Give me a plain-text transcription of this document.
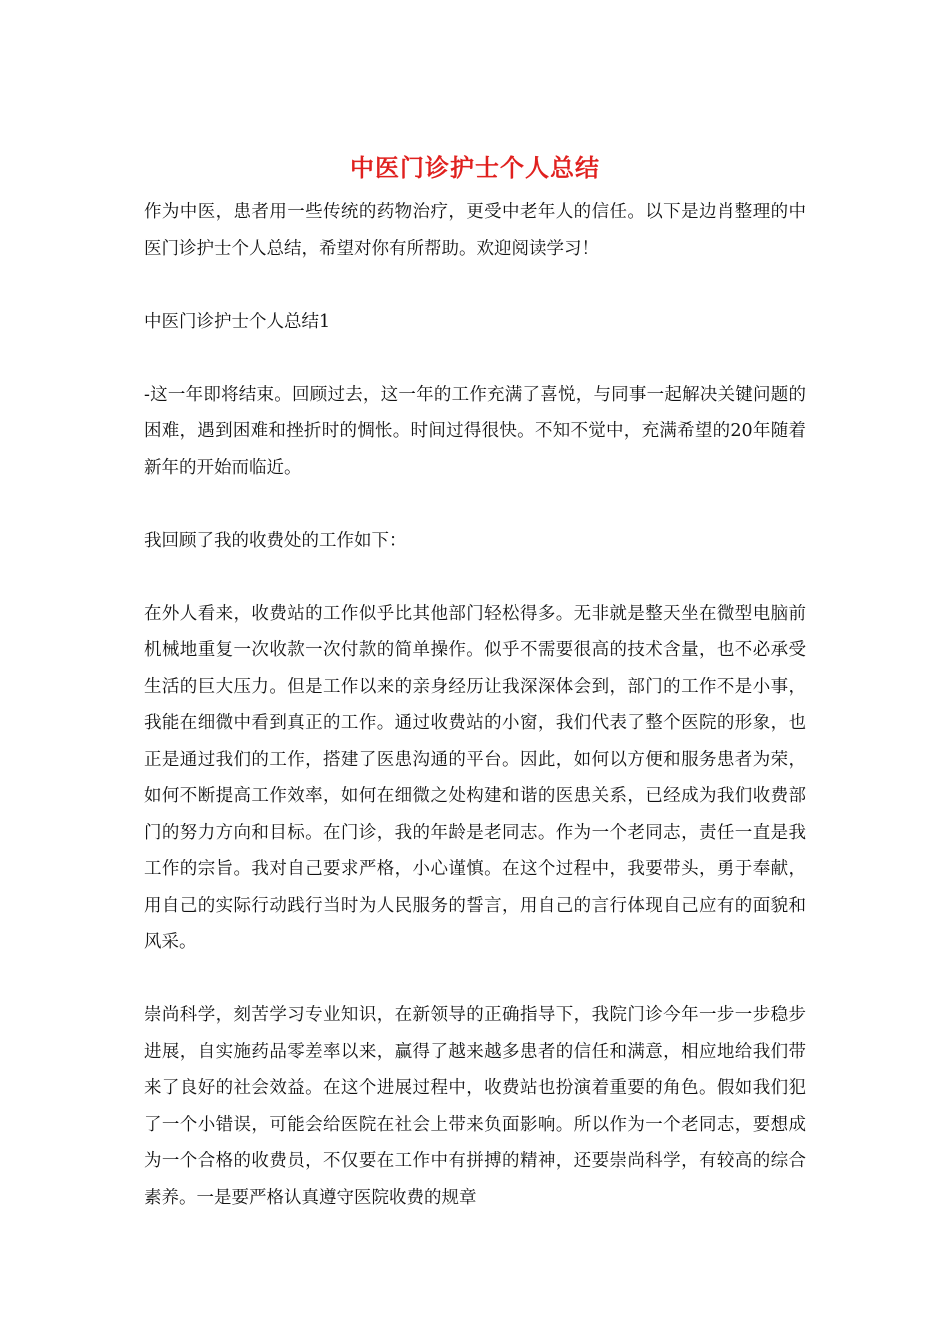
中医门诊护士个人总结

作为中医，患者用一些传统的药物治疗，更受中老年人的信任。以下是边肖整理的中医门诊护士个人总结，希望对你有所帮助。欢迎阅读学习！

中医门诊护士个人总结1

-这一年即将结束。回顾过去，这一年的工作充满了喜悦，与同事一起解决关键问题的困难，遇到困难和挫折时的惆怅。时间过得很快。不知不觉中，充满希望的20年随着新年的开始而临近。

我回顾了我的收费处的工作如下：

在外人看来，收费站的工作似乎比其他部门轻松得多。无非就是整天坐在微型电脑前机械地重复一次收款一次付款的简单操作。似乎不需要很高的技术含量，也不必承受生活的巨大压力。但是工作以来的亲身经历让我深深体会到，部门的工作不是小事，我能在细微中看到真正的工作。通过收费站的小窗，我们代表了整个医院的形象，也正是通过我们的工作，搭建了医患沟通的平台。因此，如何以方便和服务患者为荣，如何不断提高工作效率，如何在细微之处构建和谐的医患关系，已经成为我们收费部门的努力方向和目标。在门诊，我的年龄是老同志。作为一个老同志，责任一直是我工作的宗旨。我对自己要求严格，小心谨慎。在这个过程中，我要带头，勇于奉献，用自己的实际行动践行当时为人民服务的誓言，用自己的言行体现自己应有的面貌和风采。

崇尚科学，刻苦学习专业知识，在新领导的正确指导下，我院门诊今年一步一步稳步进展，自实施药品零差率以来，赢得了越来越多患者的信任和满意，相应地给我们带来了良好的社会效益。在这个进展过程中，收费站也扮演着重要的角色。假如我们犯了一个小错误，可能会给医院在社会上带来负面影响。所以作为一个老同志，要想成为一个合格的收费员，不仅要在工作中有拼搏的精神，还要崇尚科学，有较高的综合素养。一是要严格认真遵守医院收费的规章
